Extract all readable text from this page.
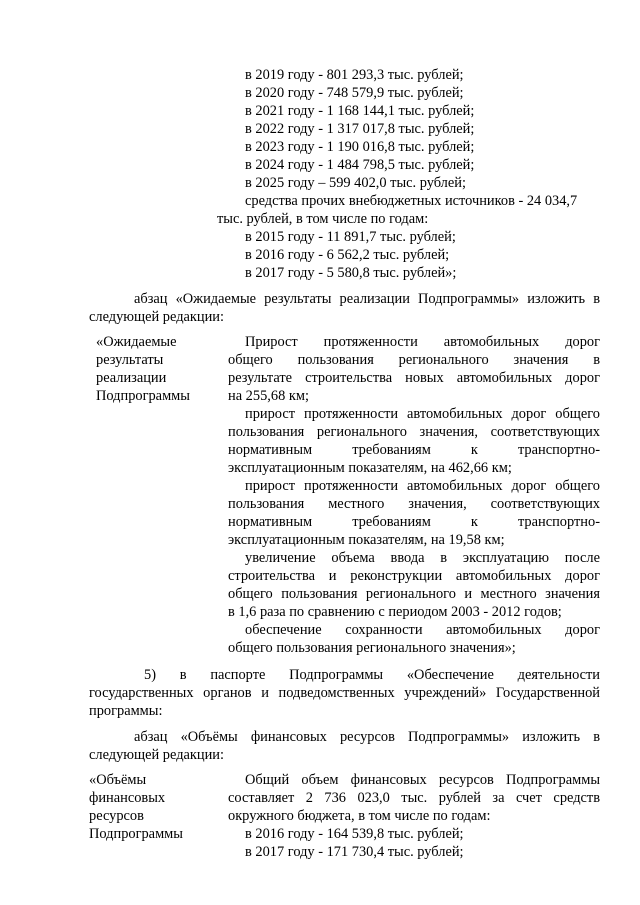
в 2019 году - 801 293,3 тыс. рублей;
в 2020 году - 748 579,9 тыс. рублей;
в 2021 году - 1 168 144,1 тыс. рублей;
в 2022 году - 1 317 017,8 тыс. рублей;
в 2023 году - 1 190 016,8 тыс. рублей;
в 2024 году - 1 484 798,5 тыс. рублей;
в 2025 году – 599 402,0 тыс. рублей;
средства прочих внебюджетных источников - 24 034,7
тыс. рублей, в том числе по годам:
в 2015 году - 11 891,7 тыс. рублей;
в 2016 году - 6 562,2 тыс. рублей;
в 2017 году - 5 580,8 тыс. рублей»;
абзац «Ожидаемые результаты реализации Подпрограммы» изложить в
следующей редакции:
«Ожидаемые
результаты
реализации
Подпрограммы
Прирост протяженности автомобильных дорог
общего пользования регионального значения в
результате строительства новых автомобильных дорог
на 255,68 км;
прирост протяженности автомобильных дорог общего
пользования регионального значения, соответствующих
нормативным требованиям к транспортно-
эксплуатационным показателям, на 462,66 км;
прирост протяженности автомобильных дорог общего
пользования местного значения, соответствующих
нормативным требованиям к транспортно-
эксплуатационным показателям, на 19,58 км;
увеличение объема ввода в эксплуатацию после
строительства и реконструкции автомобильных дорог
общего пользования регионального и местного значения
в 1,6 раза по сравнению с периодом 2003 - 2012 годов;
обеспечение сохранности автомобильных дорог
общего пользования регионального значения»;
5) в паспорте Подпрограммы «Обеспечение деятельности
государственных органов и подведомственных учреждений» Государственной
программы:
абзац «Объёмы финансовых ресурсов Подпрограммы» изложить в
следующей редакции:
«Объёмы
финансовых
ресурсов
Подпрограммы
Общий объем финансовых ресурсов Подпрограммы
составляет 2 736 023,0 тыс. рублей за счет средств
окружного бюджета, в том числе по годам:
в 2016 году - 164 539,8 тыс. рублей;
в 2017 году - 171 730,4 тыс. рублей;
